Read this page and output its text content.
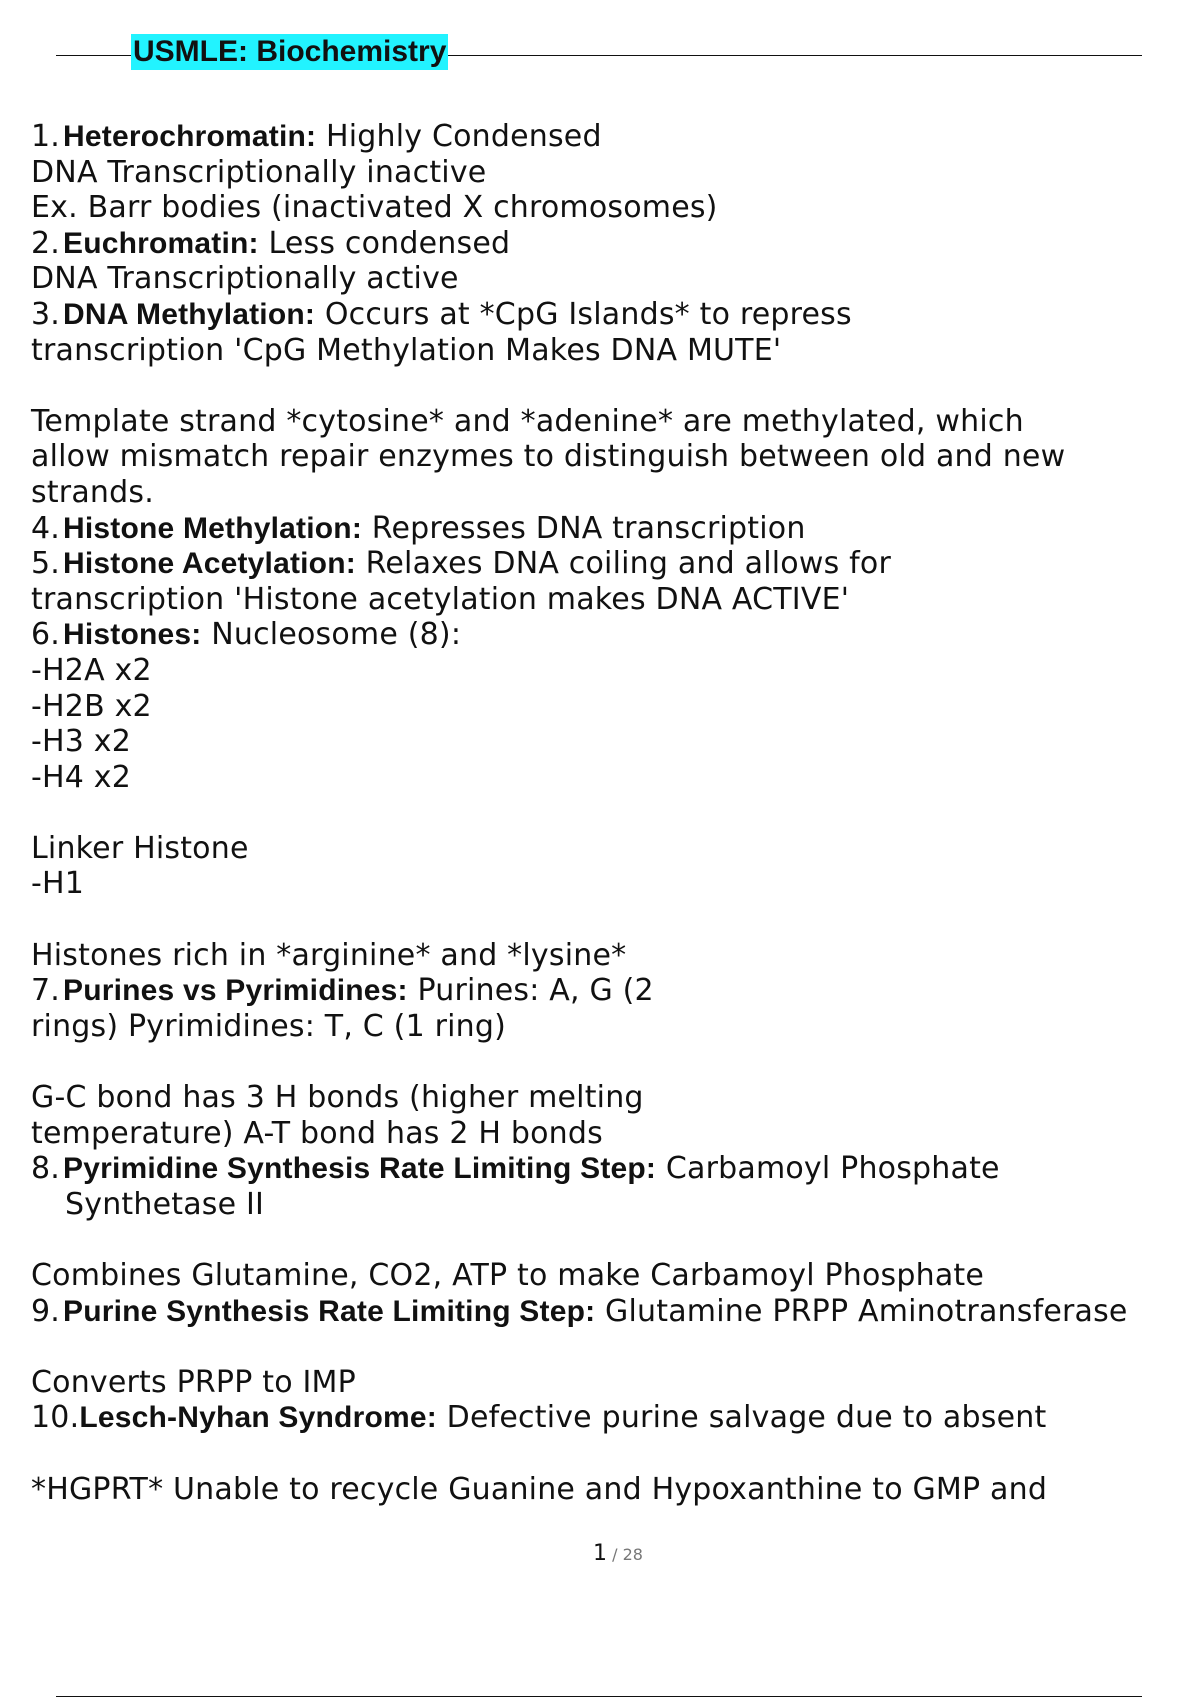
USMLE: Biochemistry
1.Heterochromatin: Highly Condensed
DNA Transcriptionally inactive
Ex. Barr bodies (inactivated X chromosomes)
2.Euchromatin: Less condensed
DNA Transcriptionally active
3.DNA Methylation: Occurs at *CpG Islands* to repress
transcription 'CpG Methylation Makes DNA MUTE'
Template strand *cytosine* and *adenine* are methylated, which
allow mismatch repair enzymes to distinguish between old and new
strands.
4.Histone Methylation: Represses DNA transcription
5.Histone Acetylation: Relaxes DNA coiling and allows for
transcription 'Histone acetylation makes DNA ACTIVE'
6.Histones: Nucleosome (8):
-H2A x2
-H2B x2
-H3 x2
-H4 x2
Linker Histone
-H1
Histones rich in *arginine* and *lysine*
7.Purines vs Pyrimidines: Purines: A, G (2
rings) Pyrimidines: T, C (1 ring)
G-C bond has 3 H bonds (higher melting
temperature) A-T bond has 2 H bonds
8.Pyrimidine Synthesis Rate Limiting Step: Carbamoyl Phosphate
Synthetase II
Combines Glutamine, CO2, ATP to make Carbamoyl Phosphate
9.Purine Synthesis Rate Limiting Step: Glutamine PRPP Aminotransferase
Converts PRPP to IMP
10.Lesch-Nyhan Syndrome: Defective purine salvage due to absent
*HGPRT* Unable to recycle Guanine and Hypoxanthine to GMP and
1 / 28
